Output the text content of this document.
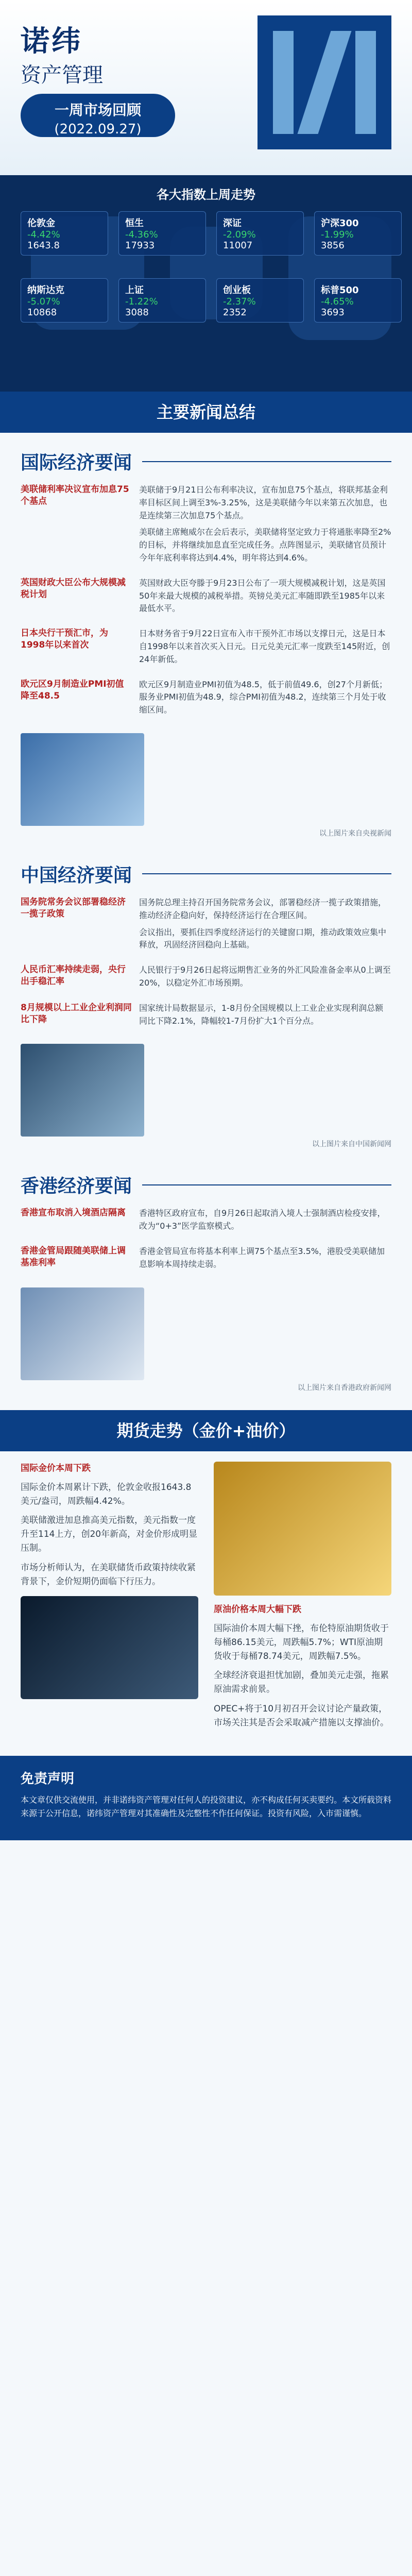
诺纬
资产管理
一周市场回顾
(2022.09.27)
各大指数上周走势
伦敦金
-4.42%
1643.8
纳斯达克
-5.07%
10868
恒生
-4.36%
17933
上证
-1.22%
3088
深证
-2.09%
11007
创业板
-2.37%
2352
沪深300
-1.99%
3856
标普500
-4.65%
3693
主要新闻总结
国际经济要闻
美联储利率决议宣布加息75个基点

美联储于9月21日公布利率决议，宣布加息75个基点，将联邦基金利率目标区间上调至3%-3.25%，这是美联储今年以来第五次加息，也是连续第三次加息75个基点。

美联储主席鲍威尔在会后表示，美联储将坚定致力于将通胀率降至2%的目标，并将继续加息直至完成任务。点阵图显示，美联储官员预计今年年底利率将达到4.4%，明年将达到4.6%。

英国财政大臣公布大规模减税计划

英国财政大臣夸滕于9月23日公布了一项大规模减税计划，这是英国50年来最大规模的减税举措。英镑兑美元汇率随即跌至1985年以来最低水平。

日本央行干预汇市，为1998年以来首次

日本财务省于9月22日宣布入市干预外汇市场以支撑日元，这是日本自1998年以来首次买入日元。日元兑美元汇率一度跌至145附近，创24年新低。

欧元区9月制造业PMI初值降至48.5

欧元区9月制造业PMI初值为48.5，低于前值49.6，创27个月新低；服务业PMI初值为48.9，综合PMI初值为48.2，连续第三个月处于收缩区间。

以上图片来自央视新闻
中国经济要闻
国务院常务会议部署稳经济一揽子政策

国务院总理主持召开国务院常务会议，部署稳经济一揽子政策措施，推动经济企稳向好，保持经济运行在合理区间。

会议指出，要抓住四季度经济运行的关键窗口期，推动政策效应集中释放，巩固经济回稳向上基础。

人民币汇率持续走弱，央行出手稳汇率

人民银行于9月26日起将远期售汇业务的外汇风险准备金率从0上调至20%，以稳定外汇市场预期。

8月规模以上工业企业利润同比下降

国家统计局数据显示，1-8月份全国规模以上工业企业实现利润总额同比下降2.1%，降幅较1-7月份扩大1个百分点。

以上图片来自中国新闻网
香港经济要闻
香港宣布取消入境酒店隔离	香港特区政府宣布，自9月26日起取消入境人士强制酒店检疫安排，改为“0+3”医学监察模式。

香港金管局跟随美联储上调基准利率

香港金管局宣布将基本利率上调75个基点至3.5%，港股受美联储加息影响本周持续走弱。

以上图片来自香港政府新闻网
期货走势（金价+油价）

国际金价本周下跌

国际金价本周累计下跌，伦敦金收报1643.8美元/盎司，周跌幅4.42%。

美联储激进加息推高美元指数，美元指数一度升至114上方，创20年新高，对金价形成明显压制。

市场分析师认为，在美联储货币政策持续收紧背景下，金价短期仍面临下行压力。

原油价格本周大幅下跌

国际油价本周大幅下挫，布伦特原油期货收于每桶86.15美元，周跌幅5.7%；WTI原油期货收于每桶78.74美元，周跌幅7.5%。

全球经济衰退担忧加剧，叠加美元走强，拖累原油需求前景。

OPEC+将于10月初召开会议讨论产量政策，市场关注其是否会采取减产措施以支撑油价。

免责声明

本文章仅供交流使用，并非诺纬资产管理对任何人的投资建议，亦不构成任何买卖要约。本文所载资料来源于公开信息，诺纬资产管理对其准确性及完整性不作任何保证。投资有风险，入市需谨慎。
